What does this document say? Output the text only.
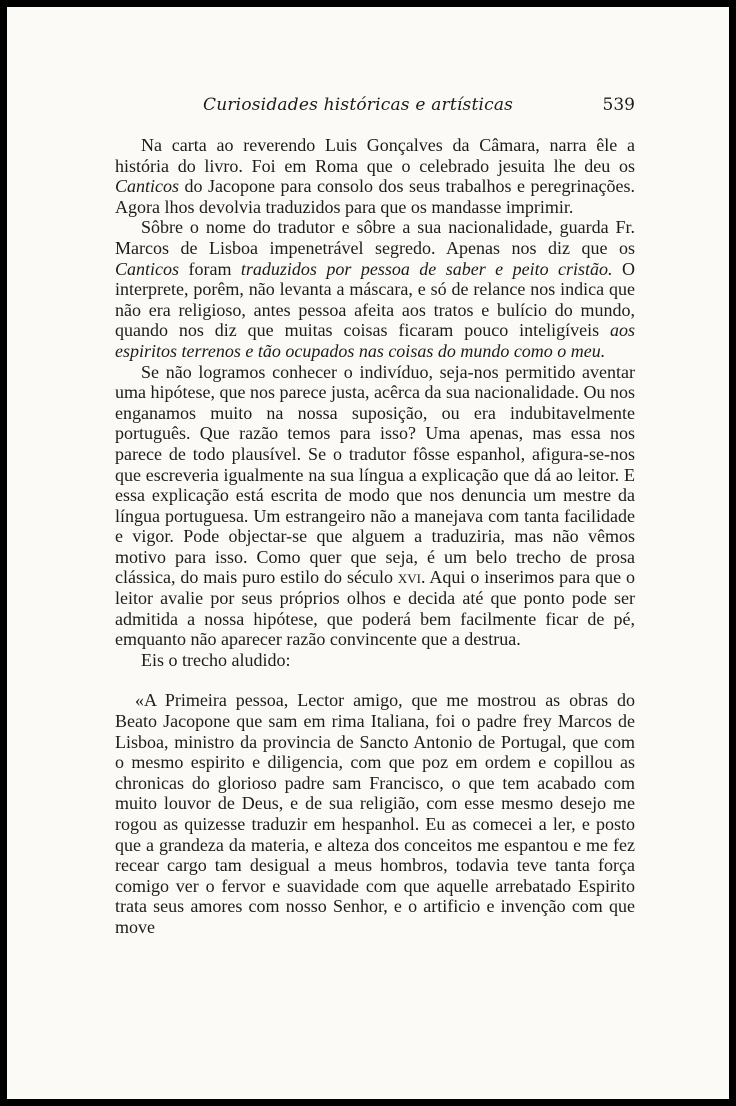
Curiosidades históricas e artísticas	539

Na carta ao reverendo Luis Gonçalves da Câmara, narra êle a história do livro. Foi em Roma que o celebrado jesuita lhe deu os Canticos do Jacopone para consolo dos seus trabalhos e peregrinações. Agora lhos devolvia traduzidos para que os mandasse imprimir.

Sôbre o nome do tradutor e sôbre a sua nacionalidade, guarda Fr. Marcos de Lisboa impenetrável segredo. Apenas nos diz que os Canticos foram traduzidos por pessoa de saber e peito cristão. O interprete, porêm, não levanta a máscara, e só de relance nos indica que não era religioso, antes pessoa afeita aos tratos e bulício do mundo, quando nos diz que muitas coisas ficaram pouco inteligíveis aos espiritos terrenos e tão ocupados nas coisas do mundo como o meu.

Se não logramos conhecer o indivíduo, seja-nos permitido aventar uma hipótese, que nos parece justa, acêrca da sua nacionalidade. Ou nos enganamos muito na nossa suposição, ou era indubitavelmente português. Que razão temos para isso? Uma apenas, mas essa nos parece de todo plausível. Se o tradutor fôsse espanhol, afigura-se-nos que escreveria igualmente na sua língua a explicação que dá ao leitor. E essa explicação está escrita de modo que nos denuncia um mestre da língua portuguesa. Um estrangeiro não a manejava com tanta facilidade e vigor. Pode objectar-se que alguem a traduziria, mas não vêmos motivo para isso. Como quer que seja, é um belo trecho de prosa clássica, do mais puro estilo do século xvi. Aqui o inserimos para que o leitor avalie por seus próprios olhos e decida até que ponto pode ser admitida a nossa hipótese, que poderá bem facilmente ficar de pé, emquanto não aparecer razão convincente que a destrua.

Eis o trecho aludido:

«A Primeira pessoa, Lector amigo, que me mostrou as obras do Beato Jacopone que sam em rima Italiana, foi o padre frey Marcos de Lisboa, ministro da provincia de Sancto Antonio de Portugal, que com o mesmo espirito e diligencia, com que poz em ordem e copillou as chronicas do glorioso padre sam Francisco, o que tem acabado com muito louvor de Deus, e de sua religião, com esse mesmo desejo me rogou as quizesse traduzir em hespanhol. Eu as comecei a ler, e posto que a grandeza da materia, e alteza dos conceitos me espantou e me fez recear cargo tam desigual a meus hombros, todavia teve tanta força comigo ver o fervor e suavidade com que aquelle arrebatado Espirito trata seus amores com nosso Senhor, e o artificio e invenção com que move
